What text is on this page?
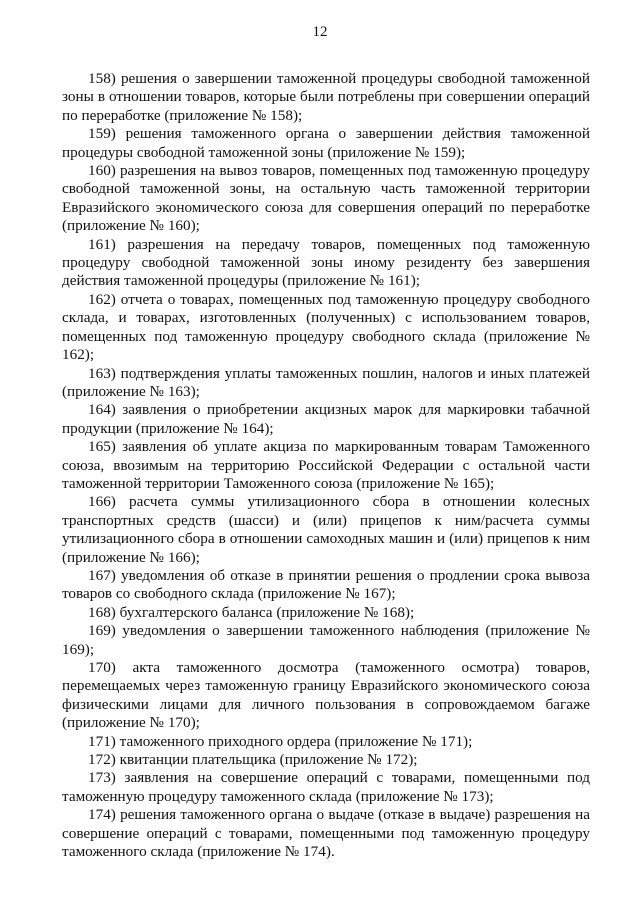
12

158) решения о завершении таможенной процедуры свободной таможенной зоны в отношении товаров, которые были потреблены при совершении операций по переработке (приложение № 158);

159) решения таможенного органа о завершении действия таможенной процедуры свободной таможенной зоны (приложение № 159);

160) разрешения на вывоз товаров, помещенных под таможенную процедуру свободной таможенной зоны, на остальную часть таможенной территории Евразийского экономического союза для совершения операций по переработке (приложение № 160);

161) разрешения на передачу товаров, помещенных под таможенную процедуру свободной таможенной зоны иному резиденту без завершения действия таможенной процедуры (приложение № 161);

162) отчета о товарах, помещенных под таможенную процедуру свободного склада, и товарах, изготовленных (полученных) с использованием товаров, помещенных под таможенную процедуру свободного склада (приложение № 162);

163) подтверждения уплаты таможенных пошлин, налогов и иных платежей (приложение № 163);

164) заявления о приобретении акцизных марок для маркировки табачной продукции (приложение № 164);

165) заявления об уплате акциза по маркированным товарам Таможенного союза, ввозимым на территорию Российской Федерации с остальной части таможенной территории Таможенного союза (приложение № 165);

166) расчета суммы утилизационного сбора в отношении колесных транспортных средств (шасси) и (или) прицепов к ним/расчета суммы утилизационного сбора в отношении самоходных машин и (или) прицепов к ним (приложение № 166);

167) уведомления об отказе в принятии решения о продлении срока вывоза товаров со свободного склада (приложение № 167);

168) бухгалтерского баланса (приложение № 168);

169) уведомления о завершении таможенного наблюдения (приложение № 169);

170) акта таможенного досмотра (таможенного осмотра) товаров, перемещаемых через таможенную границу Евразийского экономического союза физическими лицами для личного пользования в сопровождаемом багаже (приложение № 170);

171) таможенного приходного ордера (приложение № 171);

172) квитанции плательщика (приложение № 172);

173) заявления на совершение операций с товарами, помещенными под таможенную процедуру таможенного склада (приложение № 173);

174) решения таможенного органа о выдаче (отказе в выдаче) разрешения на совершение операций с товарами, помещенными под таможенную процедуру таможенного склада (приложение № 174).
